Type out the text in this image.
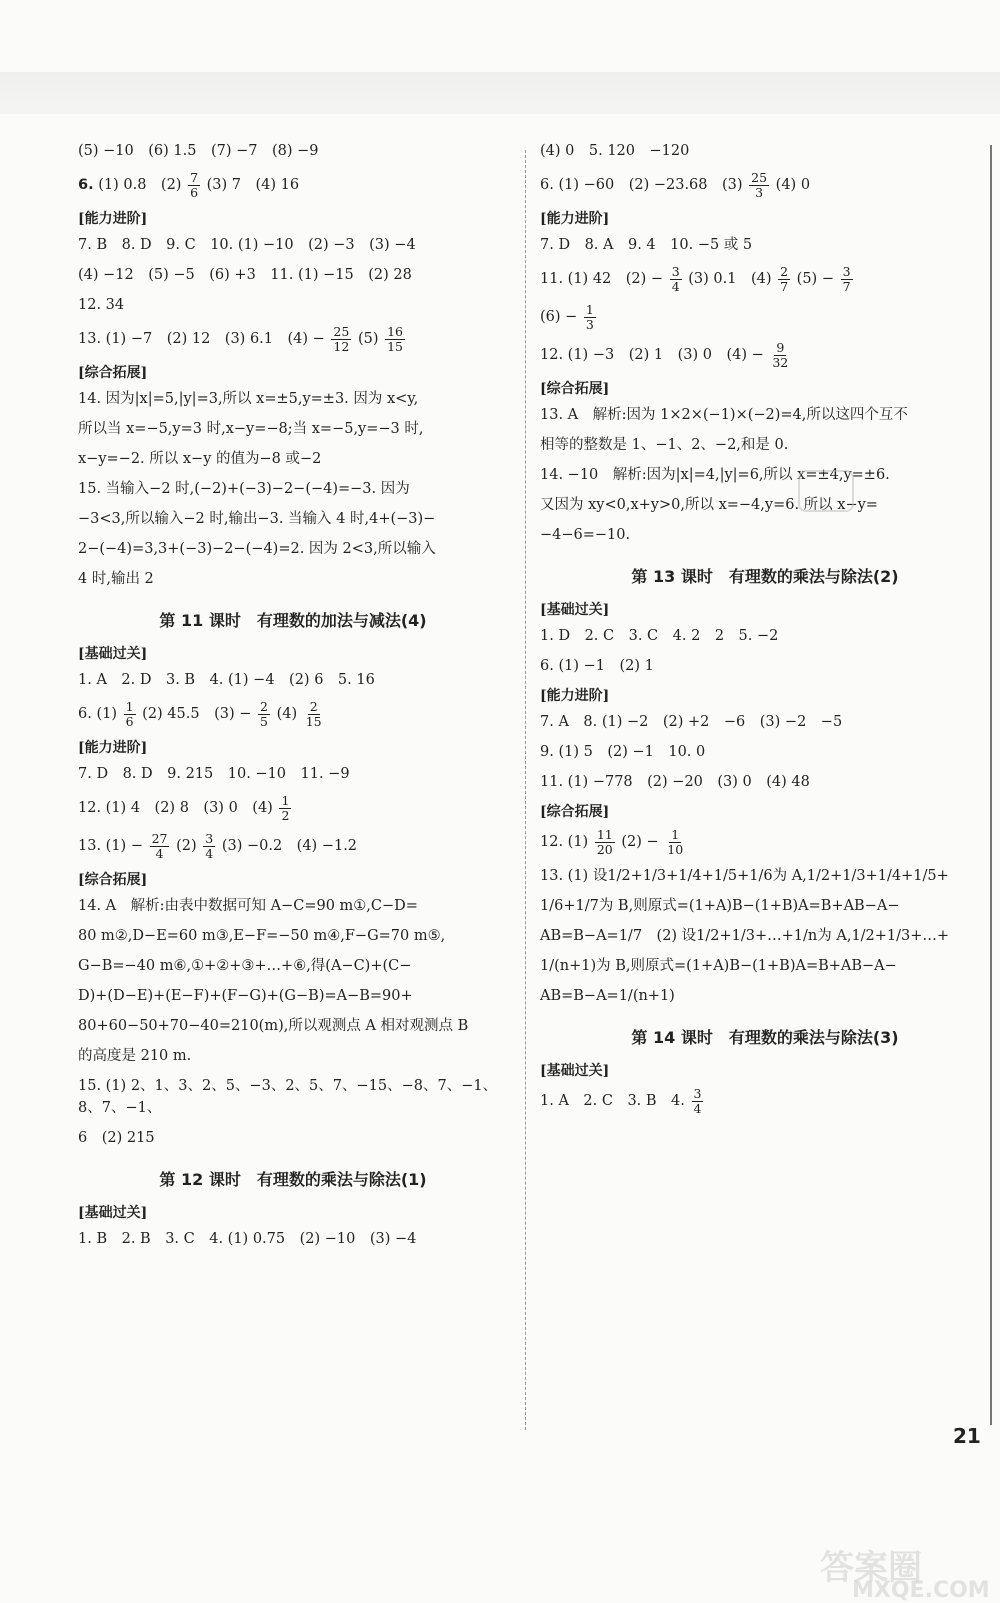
(5) −10　(6) 1.5　(7) −7　(8) −9

6. (1) 0.8　$(2) \frac{7}{6} (3)$ 7　(4) 16

[能力进阶]

7. B　8. D　9. C　10. (1) −10　(2) −3　(3) −4

(4) −12　(5) −5　(6) +3　11. (1) −15　(2) 28

12. 34

13. (1) −7　(2) 12　(3) 6.1　$(4) - \frac{25}{12} (5) \frac{16}{15}$

[综合拓展]

14. 因为|x|=5,|y|=3,所以 x=±5,y=±3. 因为 x<y,

所以当 x=−5,y=3 时,x−y=−8;当 x=−5,y=−3 时,

x−y=−2. 所以 x−y 的值为−8 或−2

15. 当输入−2 时,(−2)+(−3)−2−(−4)=−3. 因为

−3<3,所以输入−2 时,输出−3. 当输入 4 时,4+(−3)−

2−(−4)=3,3+(−3)−2−(−4)=2. 因为 2<3,所以输入

4 时,输出 2

第 11 课时　有理数的加法与减法(4)

[基础过关]

1. A　2. D　3. B　4. (1) −4　(2) 6　5. 16

6. $(1) \frac{1}{6} (2)$ 45.5　$(3) - \frac{2}{5} (4) \frac{2}{15}$

[能力进阶]

7. D　8. D　9. 215　10. −10　11. −9

12. (1) 4　(2) 8　(3) 0　$(4) \frac{1}{2}$

13. $(1) - \frac{27}{4} (2) \frac{3}{4} (3) -0.2$　(4) −1.2

[综合拓展]

14. A　解析:由表中数据可知 A−C=90 m①,C−D=

80 m②,D−E=60 m③,E−F=−50 m④,F−G=70 m⑤,

G−B=−40 m⑥,①+②+③+…+⑥,得(A−C)+(C−

D)+(D−E)+(E−F)+(F−G)+(G−B)=A−B=90+

80+60−50+70−40=210(m),所以观测点 A 相对观测点 B

的高度是 210 m.

15. (1) 2、1、3、2、5、−3、2、5、7、−15、−8、7、−1、8、7、−1、

6　(2) 215

第 12 课时　有理数的乘法与除法(1)

[基础过关]

1. B　2. B　3. C　4. (1) 0.75　(2) −10　(3) −4

(4) 0　5. 120　−120

6. (1) −60　(2) −23.68　$(3) \frac{25}{3} (4)$ 0

[能力进阶]

7. D　8. A　9. 4　10. −5 或 5

11. (1) 42　$(2) - \frac{3}{4} (3)$ 0.1　$(4) \frac{2}{7} (5) - \frac{3}{7}$

$(6) - \frac{1}{3}$

12. (1) −3　(2) 1　(3) 0　$(4) - \frac{9}{32}$

[综合拓展]

13. A　解析:因为 1×2×(−1)×(−2)=4,所以这四个互不

相等的整数是 1、−1、2、−2,和是 0.

14. −10　解析:因为|x|=4,|y|=6,所以 x=±4,y=±6.

又因为 xy<0,x+y>0,所以 x=−4,y=6. 所以 x−y=

−4−6=−10.

第 13 课时　有理数的乘法与除法(2)

[基础过关]

1. D　2. C　3. C　4. 2　2　5. −2

6. (1) −1　(2) 1

[能力进阶]

7. A　8. (1) −2　(2) +2　−6　(3) −2　−5

9. (1) 5　(2) −1　10. 0

11. (1) −778　(2) −20　(3) 0　(4) 48

[综合拓展]

12. $(1) \frac{11}{20} (2) - \frac{1}{10}$

13. (1) 设1/2+1/3+1/4+1/5+1/6为 A,1/2+1/3+1/4+1/5+

1/6+1/7为 B,则原式=(1+A)B−(1+B)A=B+AB−A−

AB=B−A=1/7　(2) 设1/2+1/3+…+1/n为 A,1/2+1/3+…+

1/(n+1)为 B,则原式=(1+A)B−(1+B)A=B+AB−A−

AB=B−A=1/(n+1)

第 14 课时　有理数的乘法与除法(3)

[基础过关]

1. A　2. C　3. B　4. $\frac{3}{4}$

21
答案圈
MXQE.COM
